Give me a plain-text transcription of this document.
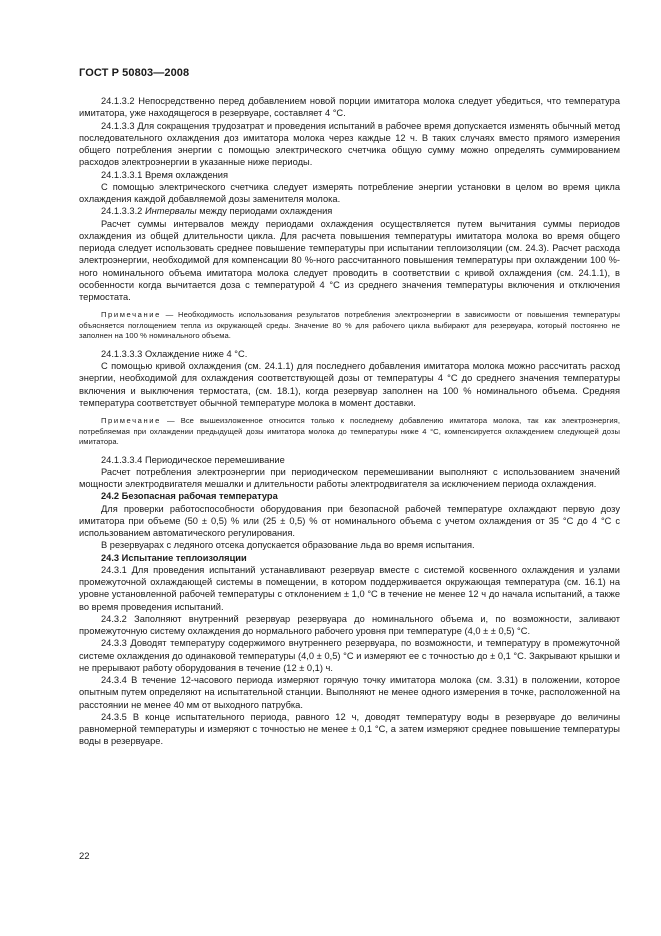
ГОСТ Р 50803—2008

24.1.3.2 Непосредственно перед добавлением новой порции имитатора молока следует убедиться, что температура имитатора, уже находящегося в резервуаре, составляет 4 °С.

24.1.3.3 Для сокращения трудозатрат и проведения испытаний в рабочее время допускается изменять обычный метод последовательного охлаждения доз имитатора молока через каждые 12 ч. В таких случаях вместо прямого измерения общего потребления энергии с помощью электрического счетчика общую сумму можно определять суммированием расходов электроэнергии в указанные ниже периоды.

24.1.3.3.1 Время охлаждения

С помощью электрического счетчика следует измерять потребление энергии установки в целом во время цикла охлаждения каждой добавляемой дозы заменителя молока.

24.1.3.3.2 Интервалы между периодами охлаждения

Расчет суммы интервалов между периодами охлаждения осуществляется путем вычитания суммы периодов охлаждения из общей длительности цикла. Для расчета повышения температуры имитатора молока во время общего периода следует использовать среднее повышение температуры при испытании теплоизоляции (см. 24.3). Расчет расхода электроэнергии, необходимой для компенсации 80 %-ного рассчитанного повышения температуры при охлаждении 100 %-ного номинального объема имитатора молока следует проводить в соответствии с кривой охлаждения (см. 24.1.1), в особенности когда вычитается доза с температурой 4 °С из среднего значения температуры включения и отключения термостата.

Примечание — Необходимость использования результатов потребления электроэнергии в зависимости от повышения температуры объясняется поглощением тепла из окружающей среды. Значение 80 % для рабочего цикла выбирают для резервуара, который постоянно не заполнен на 100 % номинального объема.

24.1.3.3.3 Охлаждение ниже 4 °С.

С помощью кривой охлаждения (см. 24.1.1) для последнего добавления имитатора молока можно рассчитать расход энергии, необходимой для охлаждения соответствующей дозы от температуры 4 °С до среднего значения температуры включения и выключения термостата, (см. 18.1), когда резервуар заполнен на 100 % номинального объема. Средняя температура соответствует обычной температуре молока в момент доставки.

Примечание — Все вышеизложенное относится только к последнему добавлению имитатора молока, так как электроэнергия, потребляемая при охлаждении предыдущей дозы имитатора молока до температуры ниже 4 °С, компенсируется охлаждением следующей дозы имитатора.

24.1.3.3.4 Периодическое перемешивание

Расчет потребления электроэнергии при периодическом перемешивании выполняют с использованием значений мощности электродвигателя мешалки и длительности работы электродвигателя за исключением периода охлаждения.

24.2 Безопасная рабочая температура

Для проверки работоспособности оборудования при безопасной рабочей температуре охлаждают первую дозу имитатора при объеме (50 ± 0,5) % или (25 ± 0,5) % от номинального объема с учетом охлаждения от 35 °С до 4 °С с использованием автоматического регулирования.

В резервуарах с ледяного отсека допускается образование льда во время испытания.

24.3 Испытание теплоизоляции

24.3.1 Для проведения испытаний устанавливают резервуар вместе с системой косвенного охлаждения и узлами промежуточной охлаждающей системы в помещении, в котором поддерживается окружающая температура (см. 16.1) на уровне установленной рабочей температуры с отклонением ± 1,0 °С в течение не менее 12 ч до начала испытаний, а также во время проведения испытаний.

24.3.2 Заполняют внутренний резервуар резервуара до номинального объема и, по возможности, заливают промежуточную систему охлаждения до нормального рабочего уровня при температуре (4,0 ± ± 0,5) °С.

24.3.3 Доводят температуру содержимого внутреннего резервуара, по возможности, и температуру в промежуточной системе охлаждения до одинаковой температуры (4,0 ± 0,5) °С и измеряют ее с точностью до ± 0,1 °С. Закрывают крышки и не прерывают работу оборудования в течение (12 ± 0,1) ч.

24.3.4 В течение 12-часового периода измеряют горячую точку имитатора молока (см. 3.31) в положении, которое опытным путем определяют на испытательной станции. Выполняют не менее одного измерения в точке, расположенной на расстоянии не менее 40 мм от выходного патрубка.

24.3.5 В конце испытательного периода, равного 12 ч, доводят температуру воды в резервуаре до величины равномерной температуры и измеряют с точностью не менее ± 0,1 °С, а затем измеряют среднее повышение температуры воды в резервуаре.

22
